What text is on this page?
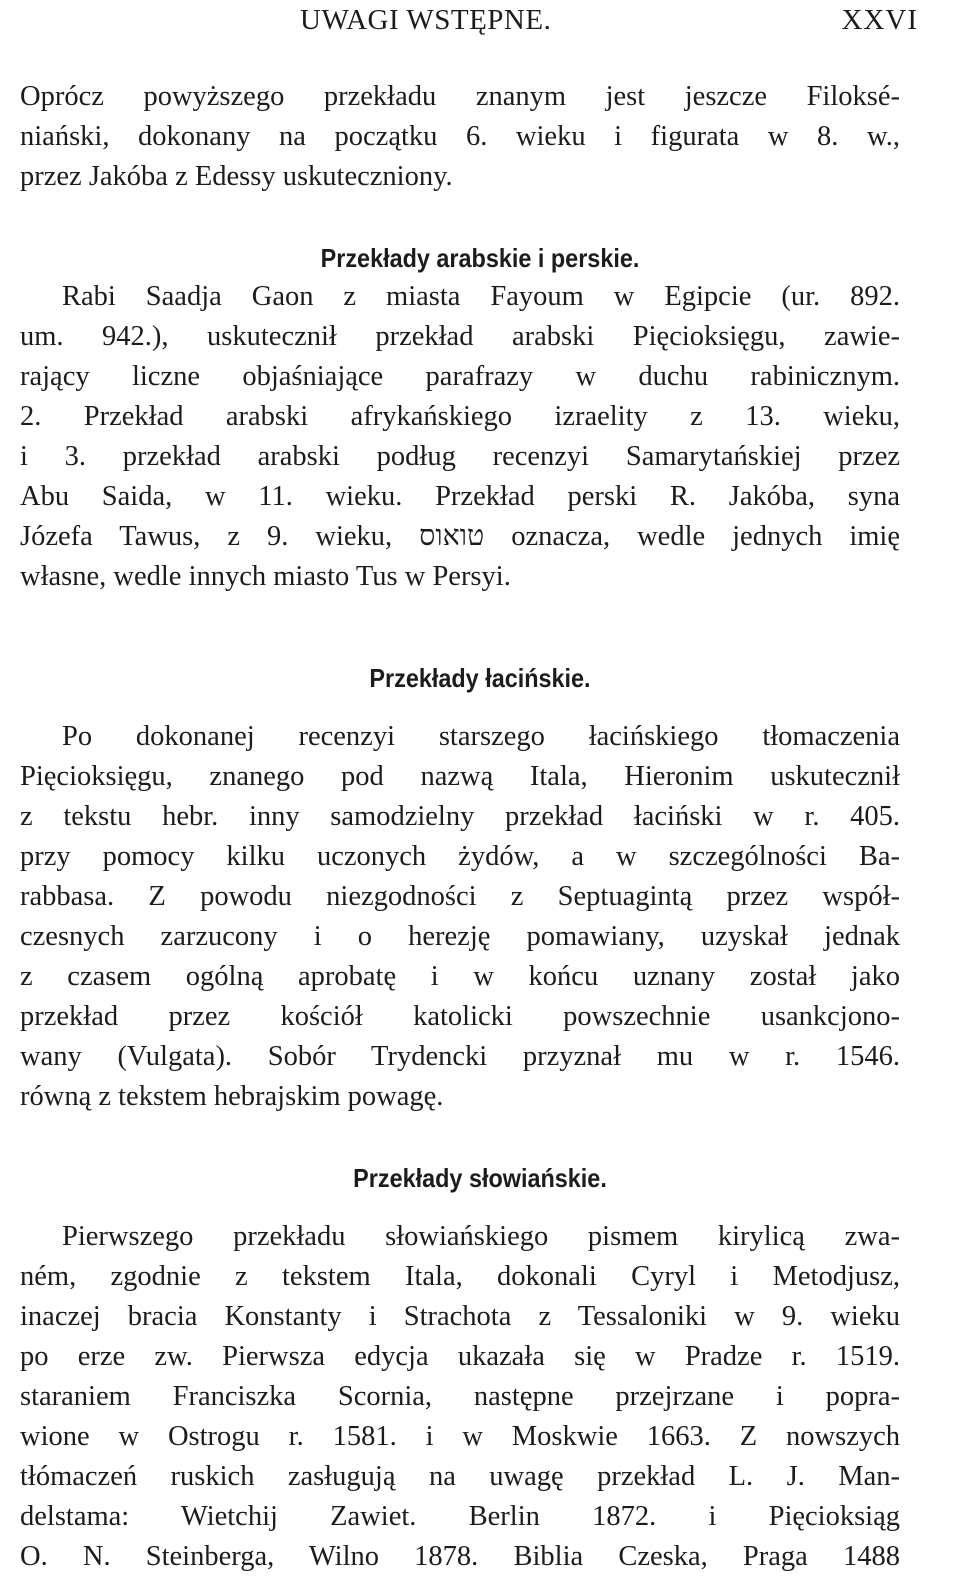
UWAGI WSTĘPNE.	XXVI
Oprócz powyższego przekładu znanym jest jeszcze Filoksé-
niański, dokonany na początku 6. wieku i figurata w 8. w.,
przez Jakóba z Edessy uskuteczniony.
Przekłady arabskie i perskie.
Rabi Saadja Gaon z miasta Fayoum w Egipcie (ur. 892.
um. 942.), uskutecznił przekład arabski Pięcioksięgu, zawie-
rający liczne objaśniające parafrazy w duchu rabinicznym.
2. Przekład arabski afrykańskiego izraelity z 13. wieku,
i 3. przekład arabski podług recenzyi Samarytańskiej przez
Abu Saida, w 11. wieku. Przekład perski R. Jakóba, syna
Józefa Tawus, z 9. wieku, טואוס oznacza, wedle jednych imię
własne, wedle innych miasto Tus w Persyi.
Przekłady łacińskie.
Po dokonanej recenzyi starszego łacińskiego tłomaczenia
Pięcioksięgu, znanego pod nazwą Itala, Hieronim uskutecznił
z tekstu hebr. inny samodzielny przekład łaciński w r. 405.
przy pomocy kilku uczonych żydów, a w szczególności Ba-
rabbasa. Z powodu niezgodności z Septuagintą przez współ-
czesnych zarzucony i o herezję pomawiany, uzyskał jednak
z czasem ogólną aprobatę i w końcu uznany został jako
przekład przez kościół katolicki powszechnie usankcjono-
wany (Vulgata). Sobór Trydencki przyznał mu w r. 1546.
równą z tekstem hebrajskim powagę.
Przekłady słowiańskie.
Pierwszego przekładu słowiańskiego pismem kirylicą zwa-
ném, zgodnie z tekstem Itala, dokonali Cyryl i Metodjusz,
inaczej bracia Konstanty i Strachota z Tessaloniki w 9. wieku
po erze zw. Pierwsza edycja ukazała się w Pradze r. 1519.
staraniem Franciszka Scornia, następne przejrzane i popra-
wione w Ostrogu r. 1581. i w Moskwie 1663. Z nowszych
tłómaczeń ruskich zasługują na uwagę przekład L. J. Man-
delstama: Wietchij Zawiet. Berlin 1872. i Pięcioksiąg
O. N. Steinberga, Wilno 1878. Biblia Czeska, Praga 1488
